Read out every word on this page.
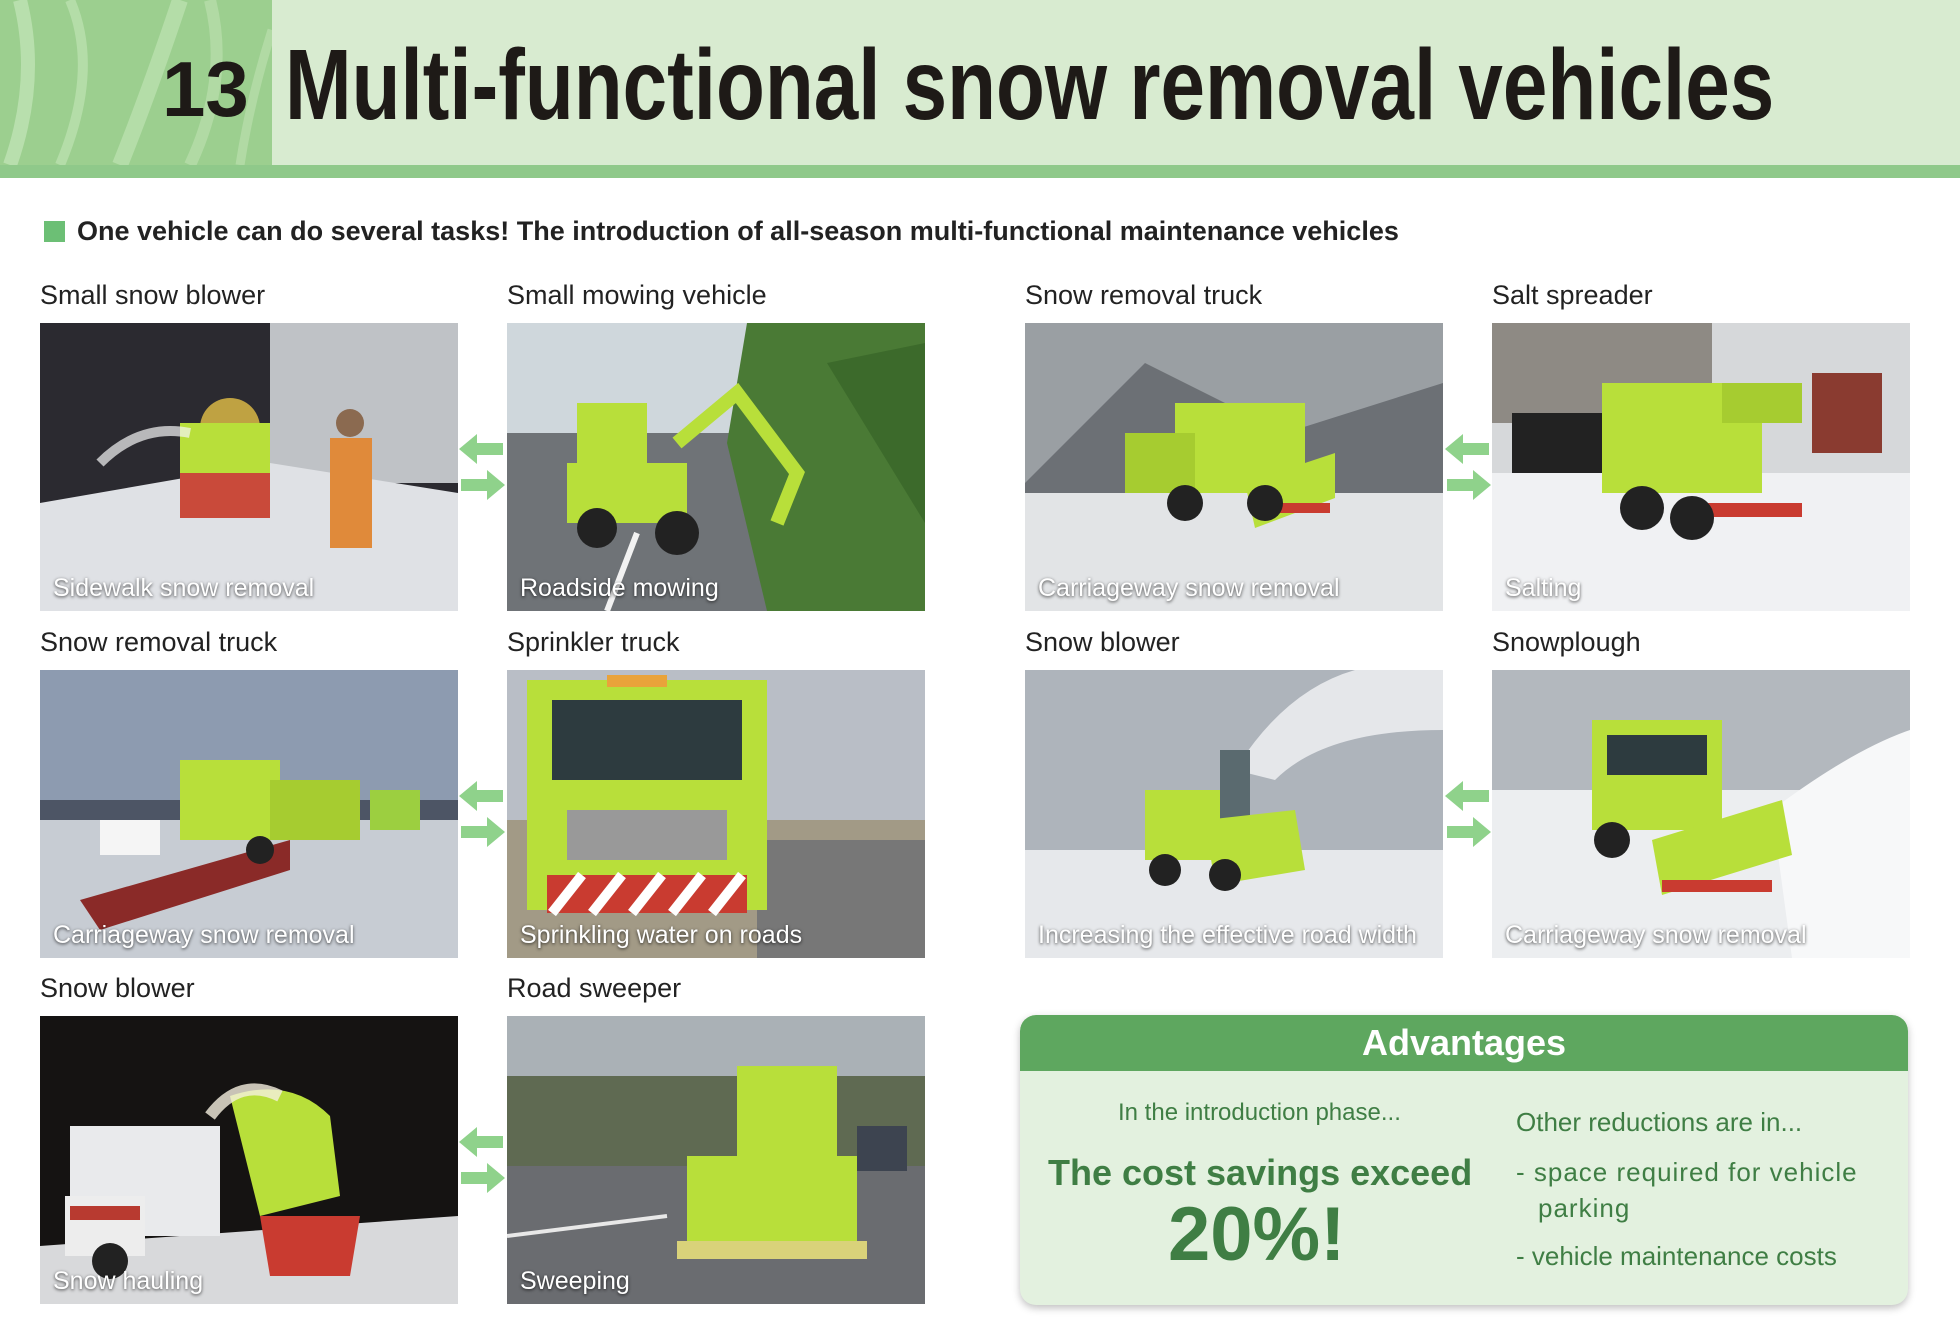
13 Multi-functional snow removal vehicles
One vehicle can do several tasks! The introduction of all-season multi-functional maintenance vehicles
Small snow blower	Small mowing vehicle	Snow removal truck	Salt spreader
Snow removal truck	Sprinkler truck	Snow blower	Snowplough
Snow blower	Road sweeper
Sidewalk snow removal	Roadside mowing	Carriageway snow removal	Salting
Carriageway snow removal	Sprinkling water on roads	Increasing the effective road width	Carriageway snow removal
Snow hauling	Sweeping
Advantages
In the introduction phase...
The cost savings exceed
20%!
Other reductions are in...
- space required for vehicle
parking
- vehicle maintenance costs
